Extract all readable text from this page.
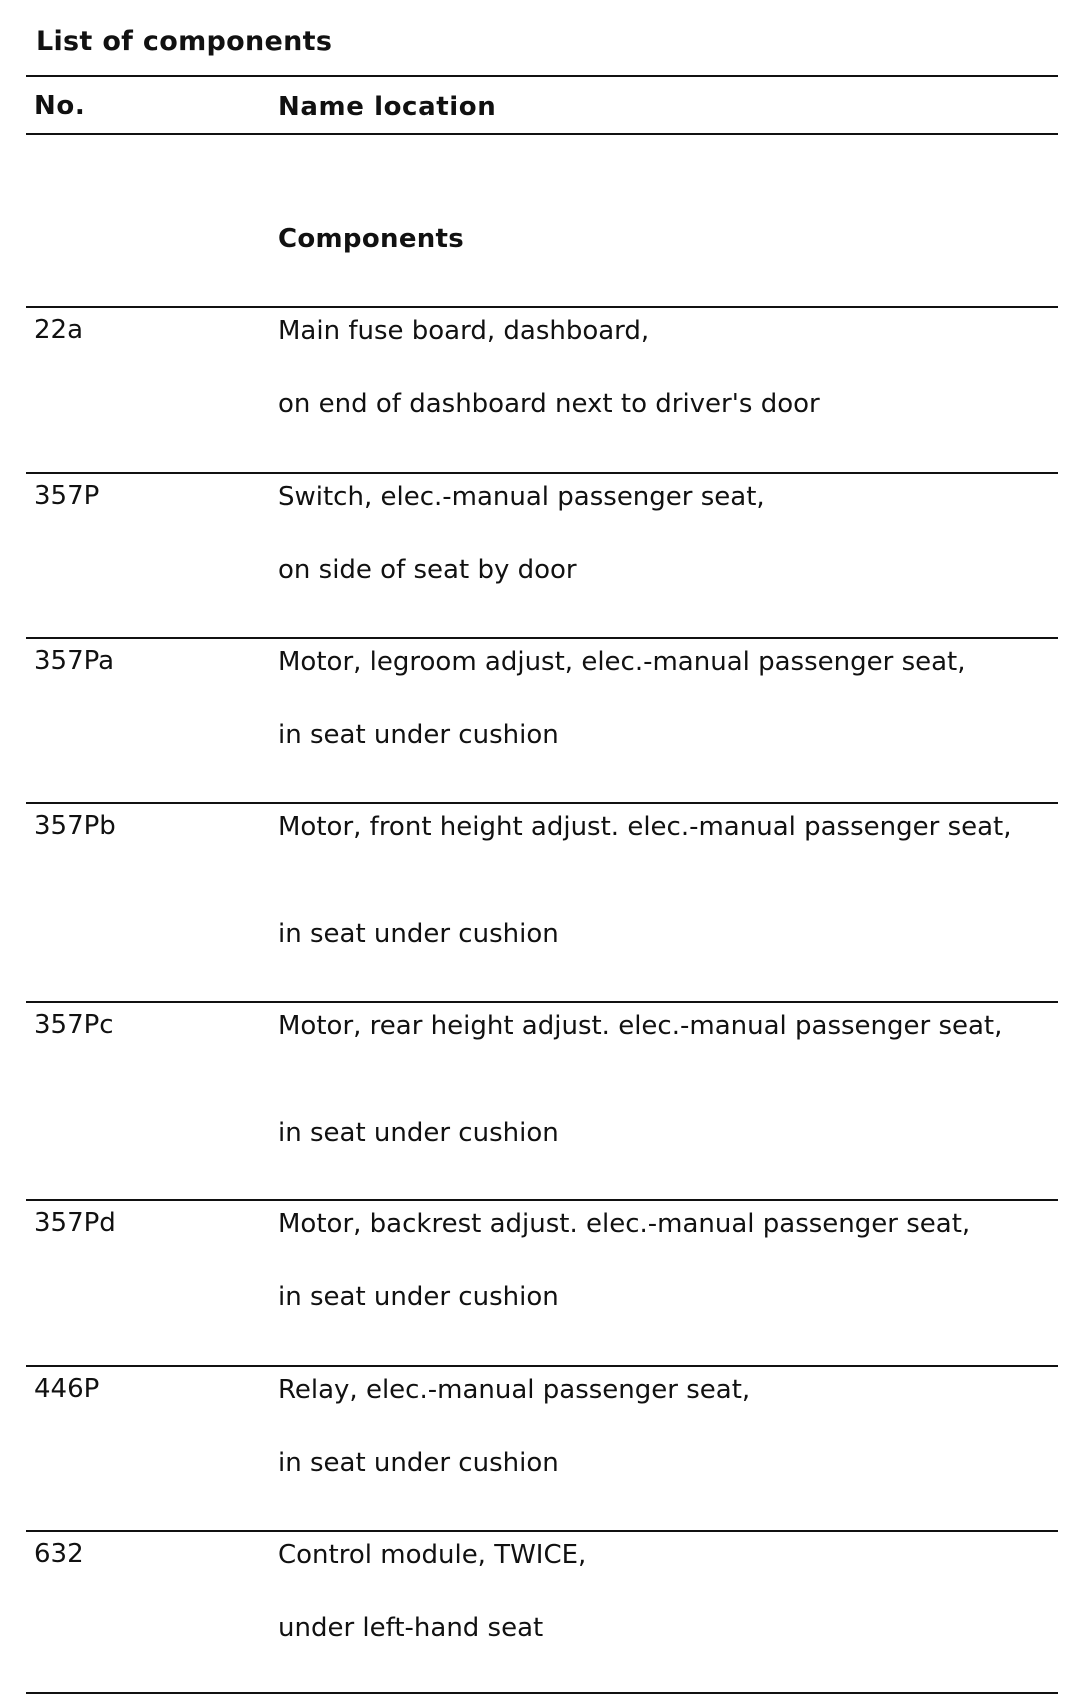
List of components
No.	Name location
Components
22a	Main fuse board, dashboard,
on end of dashboard next to driver's door
357P	Switch, elec.-manual passenger seat,
on side of seat by door
357Pa	Motor, legroom adjust, elec.-manual passenger seat,
in seat under cushion
357Pb	Motor, front height adjust. elec.-manual passenger seat,
in seat under cushion
357Pc	Motor, rear height adjust. elec.-manual passenger seat,
in seat under cushion
357Pd	Motor, backrest adjust. elec.-manual passenger seat,
in seat under cushion
446P	Relay, elec.-manual passenger seat,
in seat under cushion
632	Control module, TWICE,
under left-hand seat
